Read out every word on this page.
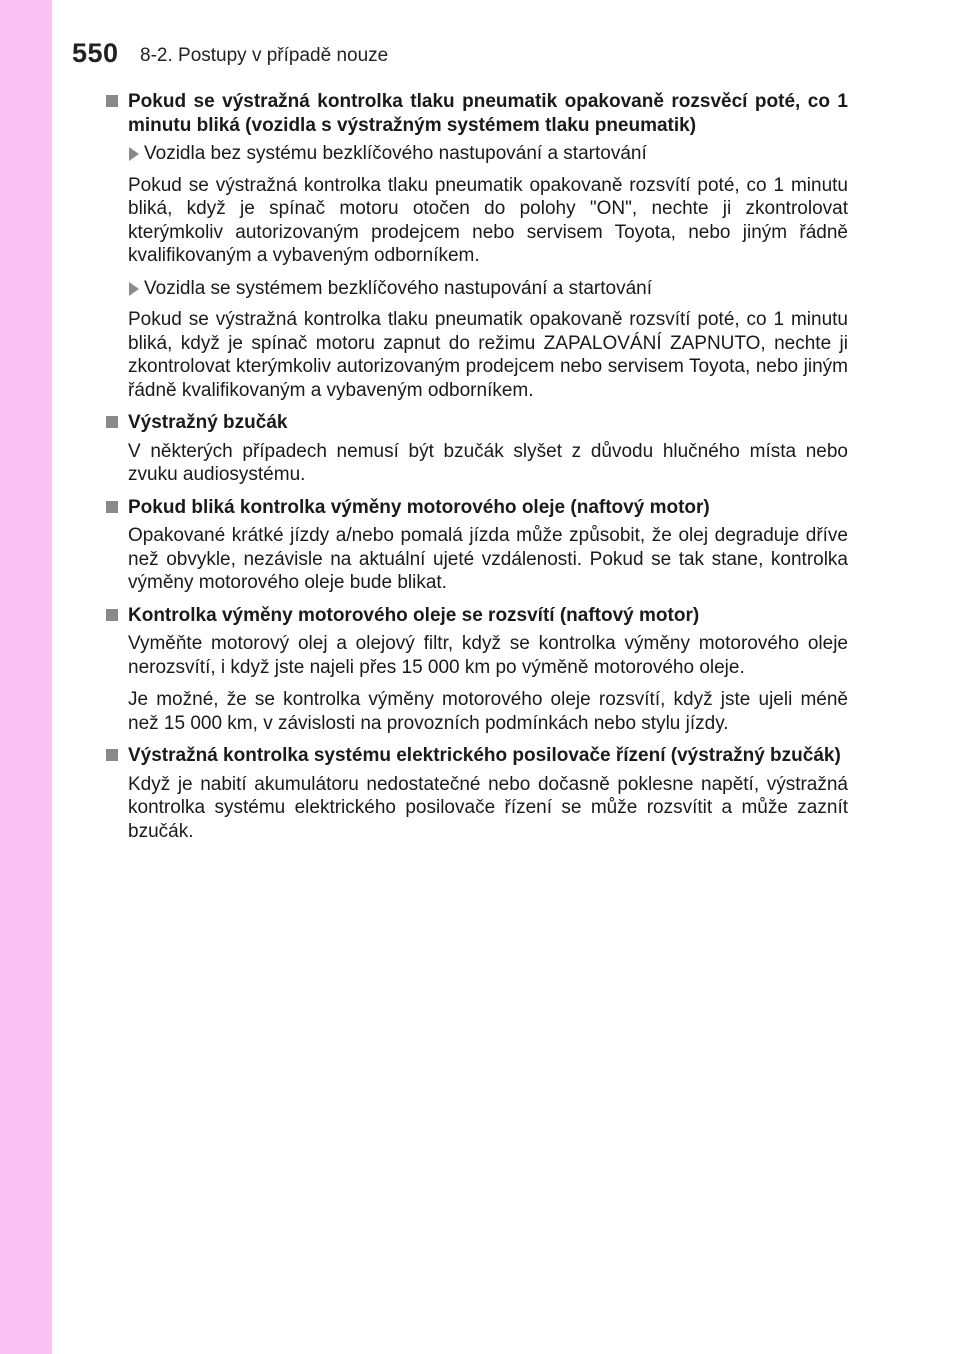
550 8-2. Postupy v případě nouze
Pokud se výstražná kontrolka tlaku pneumatik opakovaně rozsvěcí poté, co 1 minutu bliká (vozidla s výstražným systémem tlaku pneumatik)
Vozidla bez systému bezklíčového nastupování a startování
Pokud se výstražná kontrolka tlaku pneumatik opakovaně rozsvítí poté, co 1 minutu bliká, když je spínač motoru otočen do polohy "ON", nechte ji zkontrolovat kterýmkoliv autorizovaným prodejcem nebo servisem Toyota, nebo jiným řádně kvalifikovaným a vybaveným odborníkem.
Vozidla se systémem bezklíčového nastupování a startování
Pokud se výstražná kontrolka tlaku pneumatik opakovaně rozsvítí poté, co 1 minutu bliká, když je spínač motoru zapnut do režimu ZAPALOVÁNÍ ZAPNUTO, nechte ji zkontrolovat kterýmkoliv autorizovaným prodejcem nebo servisem Toyota, nebo jiným řádně kvalifikovaným a vybaveným odborníkem.
Výstražný bzučák
V některých případech nemusí být bzučák slyšet z důvodu hlučného místa nebo zvuku audiosystému.
Pokud bliká kontrolka výměny motorového oleje (naftový motor)
Opakované krátké jízdy a/nebo pomalá jízda může způsobit, že olej degraduje dříve než obvykle, nezávisle na aktuální ujeté vzdálenosti. Pokud se tak stane, kontrolka výměny motorového oleje bude blikat.
Kontrolka výměny motorového oleje se rozsvítí (naftový motor)
Vyměňte motorový olej a olejový filtr, když se kontrolka výměny motorového oleje nerozsvítí, i když jste najeli přes 15 000 km po výměně motorového oleje.
Je možné, že se kontrolka výměny motorového oleje rozsvítí, když jste ujeli méně než 15 000 km, v závislosti na provozních podmínkách nebo stylu jízdy.
Výstražná kontrolka systému elektrického posilovače řízení (výstražný bzučák)
Když je nabití akumulátoru nedostatečné nebo dočasně poklesne napětí, výstražná kontrolka systému elektrického posilovače řízení se může rozsvítit a může zaznít bzučák.
